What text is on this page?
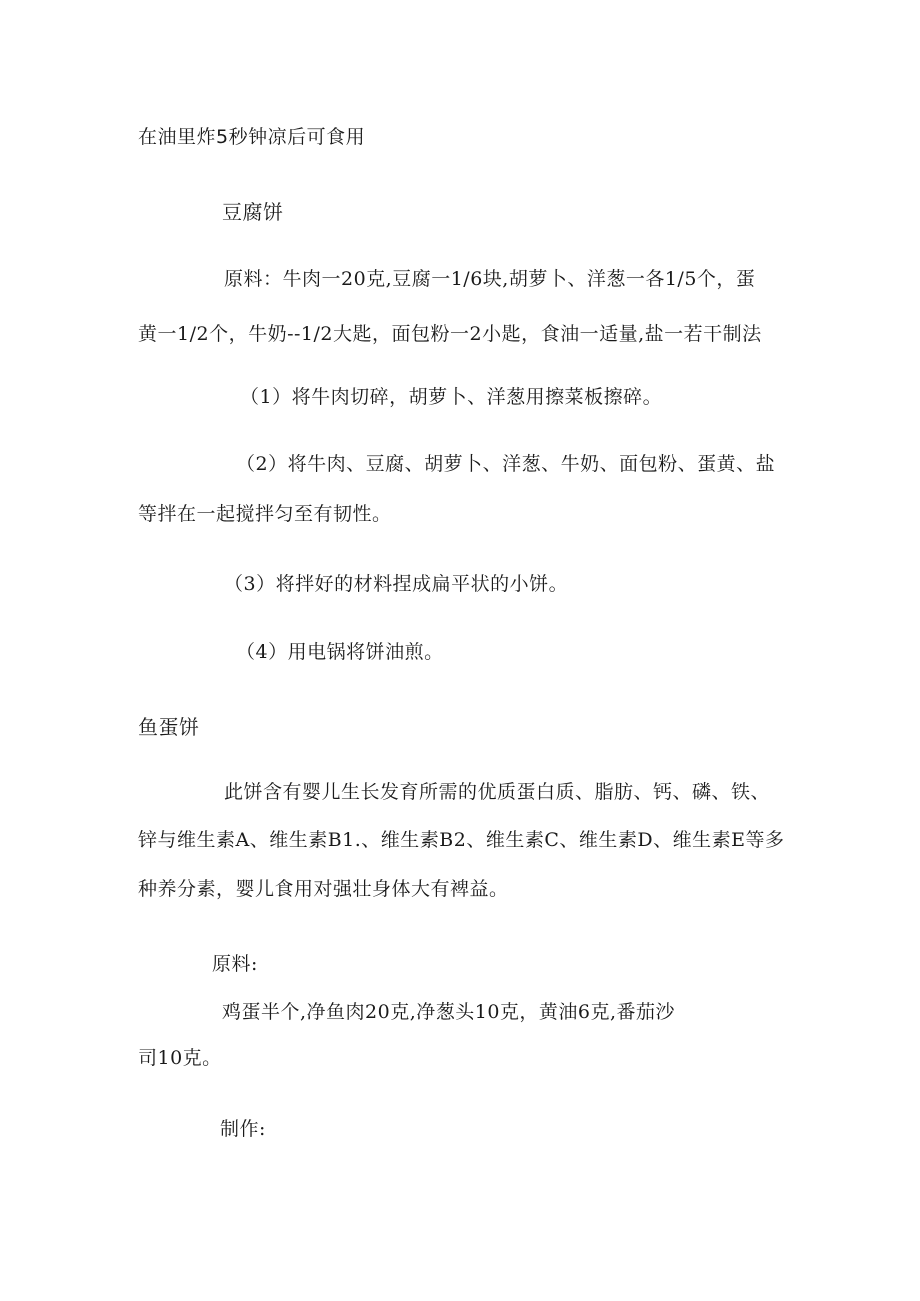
在油里炸5秒钟凉后可食用
豆腐饼
原料：牛肉一20克,豆腐一1/6块,胡萝卜、洋葱一各1/5个，蛋
黄一1/2个，牛奶--1/2大匙，面包粉一2小匙，食油一适量,盐一若干制法
（1）将牛肉切碎，胡萝卜、洋葱用擦菜板擦碎。
（2）将牛肉、豆腐、胡萝卜、洋葱、牛奶、面包粉、蛋黄、盐
等拌在一起搅拌匀至有韧性。
（3）将拌好的材料捏成扁平状的小饼。
（4）用电锅将饼油煎。
鱼蛋饼
此饼含有婴儿生长发育所需的优质蛋白质、脂肪、钙、磷、铁、
锌与维生素A、维生素B1.、维生素B2、维生素C、维生素D、维生素E等多
种养分素，婴儿食用对强壮身体大有裨益。
原料:
鸡蛋半个,净鱼肉20克,净葱头10克，黄油6克,番茄沙
司10克。
制作:
